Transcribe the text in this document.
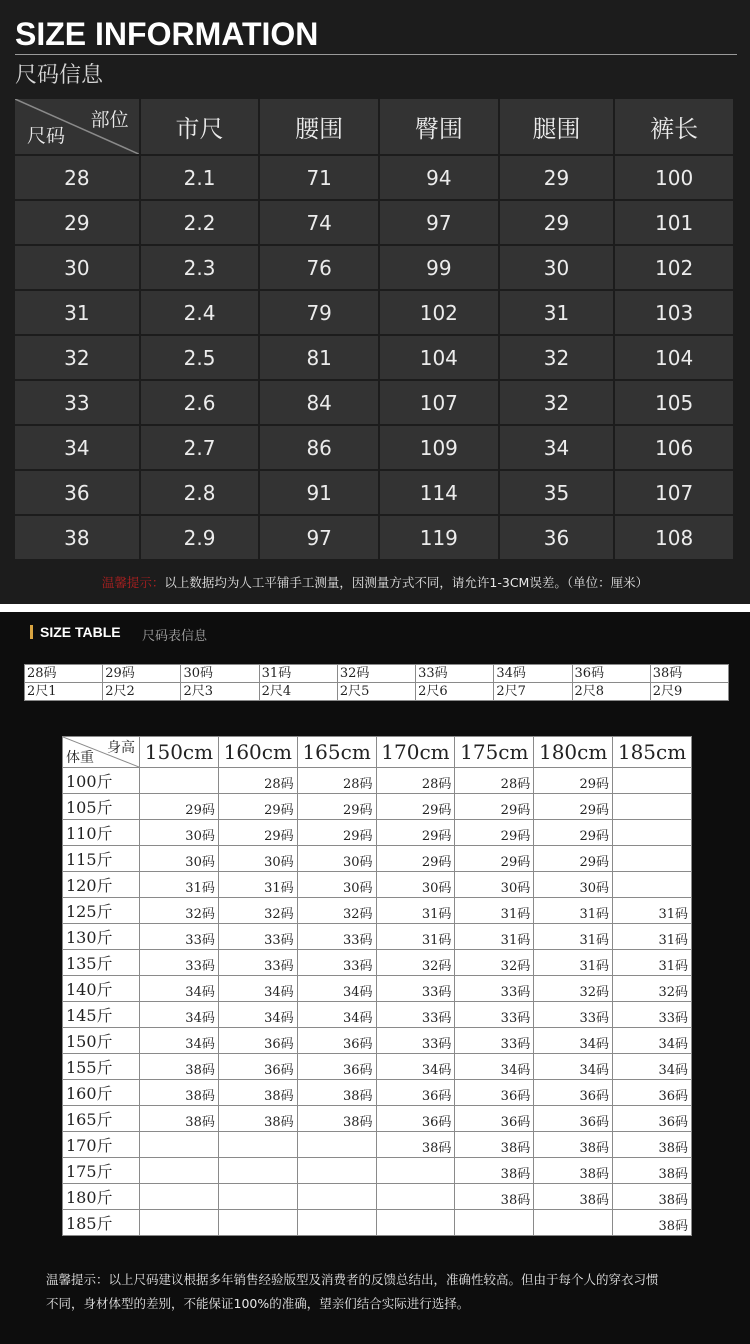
SIZE INFORMATION
尺码信息
部位
尺码	市尺	腰围	臀围	腿围	裤长
28	2.1	71	94	29	100
29	2.2	74	97	29	101
30	2.3	76	99	30	102
31	2.4	79	102	31	103
32	2.5	81	104	32	104
33	2.6	84	107	32	105
34	2.7	86	109	34	106
36	2.8	91	114	35	107
38	2.9	97	119	36	108
温馨提示：以上数据均为人工平铺手工测量，因测量方式不同，请允许1-3CM误差。（单位：厘米）
SIZE TABLE 尺码表信息
28码	29码	30码	31码	32码	33码	34码	36码	38码
2尺1	2尺2	2尺3	2尺4	2尺5	2尺6	2尺7	2尺8	2尺9
身高
体重	150cm	160cm	165cm	170cm	175cm	180cm	185cm
100斤		28码	28码	28码	28码	29码	
105斤	29码	29码	29码	29码	29码	29码	
110斤	30码	29码	29码	29码	29码	29码	
115斤	30码	30码	30码	29码	29码	29码	
120斤	31码	31码	30码	30码	30码	30码	
125斤	32码	32码	32码	31码	31码	31码	31码
130斤	33码	33码	33码	31码	31码	31码	31码
135斤	33码	33码	33码	32码	32码	31码	31码
140斤	34码	34码	34码	33码	33码	32码	32码
145斤	34码	34码	34码	33码	33码	33码	33码
150斤	34码	36码	36码	33码	33码	34码	34码
155斤	38码	36码	36码	34码	34码	34码	34码
160斤	38码	38码	38码	36码	36码	36码	36码
165斤	38码	38码	38码	36码	36码	36码	36码
170斤				38码	38码	38码	38码
175斤					38码	38码	38码
180斤					38码	38码	38码
185斤							38码
温馨提示：以上尺码建议根据多年销售经验版型及消费者的反馈总结出，准确性较高。但由于每个人的穿衣习惯
不同，身材体型的差别，不能保证100%的准确，望亲们结合实际进行选择。
